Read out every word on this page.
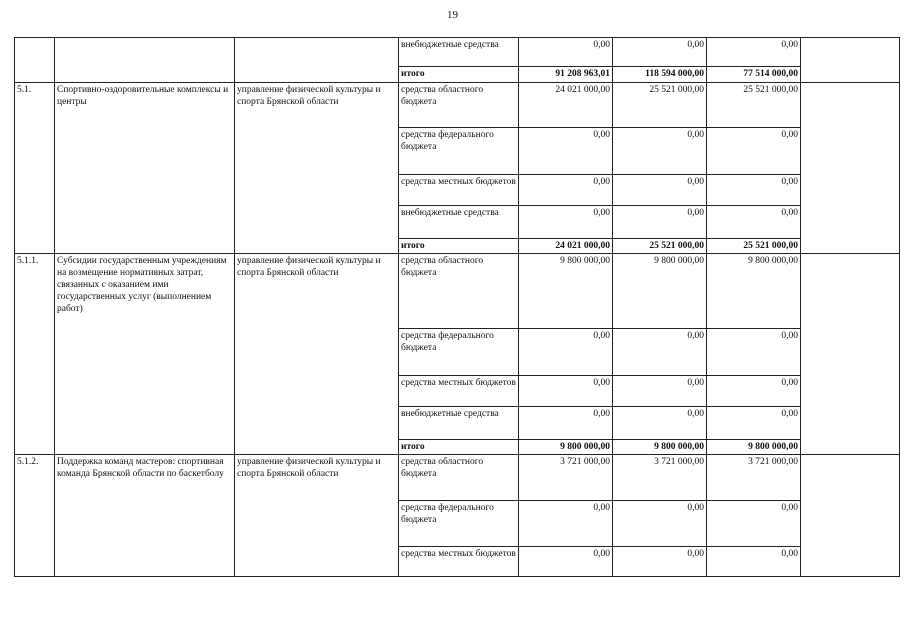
19
			внебюджетные средства	0,00	0,00	0,00	
			итого	91 208 963,01	118 594 000,00	77 514 000,00	
5.1.	Спортивно-оздоровительные комплексы и центры	управление физической культуры и спорта Брянской области	средства областного бюджета	24 021 000,00	25 521 000,00	25 521 000,00	
			средства федерального бюджета	0,00	0,00	0,00	
			средства местных бюджетов	0,00	0,00	0,00	
			внебюджетные средства	0,00	0,00	0,00	
			итого	24 021 000,00	25 521 000,00	25 521 000,00	
5.1.1.	Субсидии государственным учреждениям на возмещение нормативных затрат, связанных с оказанием ими государственных услуг (выполнением работ)	управление физической культуры и спорта Брянской области	средства областного бюджета	9 800 000,00	9 800 000,00	9 800 000,00	
			средства федерального бюджета	0,00	0,00	0,00	
			средства местных бюджетов	0,00	0,00	0,00	
			внебюджетные средства	0,00	0,00	0,00	
			итого	9 800 000,00	9 800 000,00	9 800 000,00	
5.1.2.	Поддержка команд мастеров: спортивная команда Брянской области по баскетболу	управление физической культуры и спорта Брянской области	средства областного бюджета	3 721 000,00	3 721 000,00	3 721 000,00	
			средства федерального бюджета	0,00	0,00	0,00	
			средства местных бюджетов	0,00	0,00	0,00	
